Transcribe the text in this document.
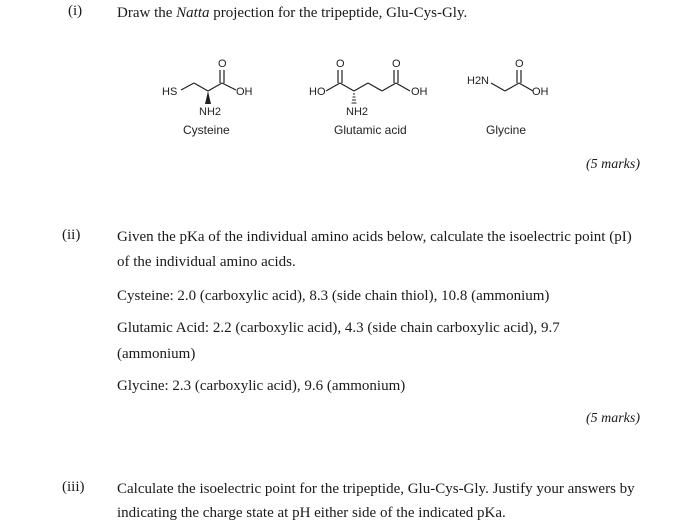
(i) Draw the Natta projection for the tripeptide, Glu-Cys-Gly.
HS	OH
O
HO	OH
O	O
H2N
OH
O
NH2	NH2
Cysteine	Glutamic acid	Glycine
(5 marks)
(ii) Given the pKa of the individual amino acids below, calculate the isoelectric point (pI)
of the individual amino acids.
Cysteine: 2.0 (carboxylic acid), 8.3 (side chain thiol), 10.8 (ammonium)
Glutamic Acid: 2.2 (carboxylic acid), 4.3 (side chain carboxylic acid), 9.7
(ammonium)
Glycine: 2.3 (carboxylic acid), 9.6 (ammonium)
(5 marks)
(iii) Calculate the isoelectric point for the tripeptide, Glu-Cys-Gly. Justify your answers by
indicating the charge state at pH either side of the indicated pKa.
